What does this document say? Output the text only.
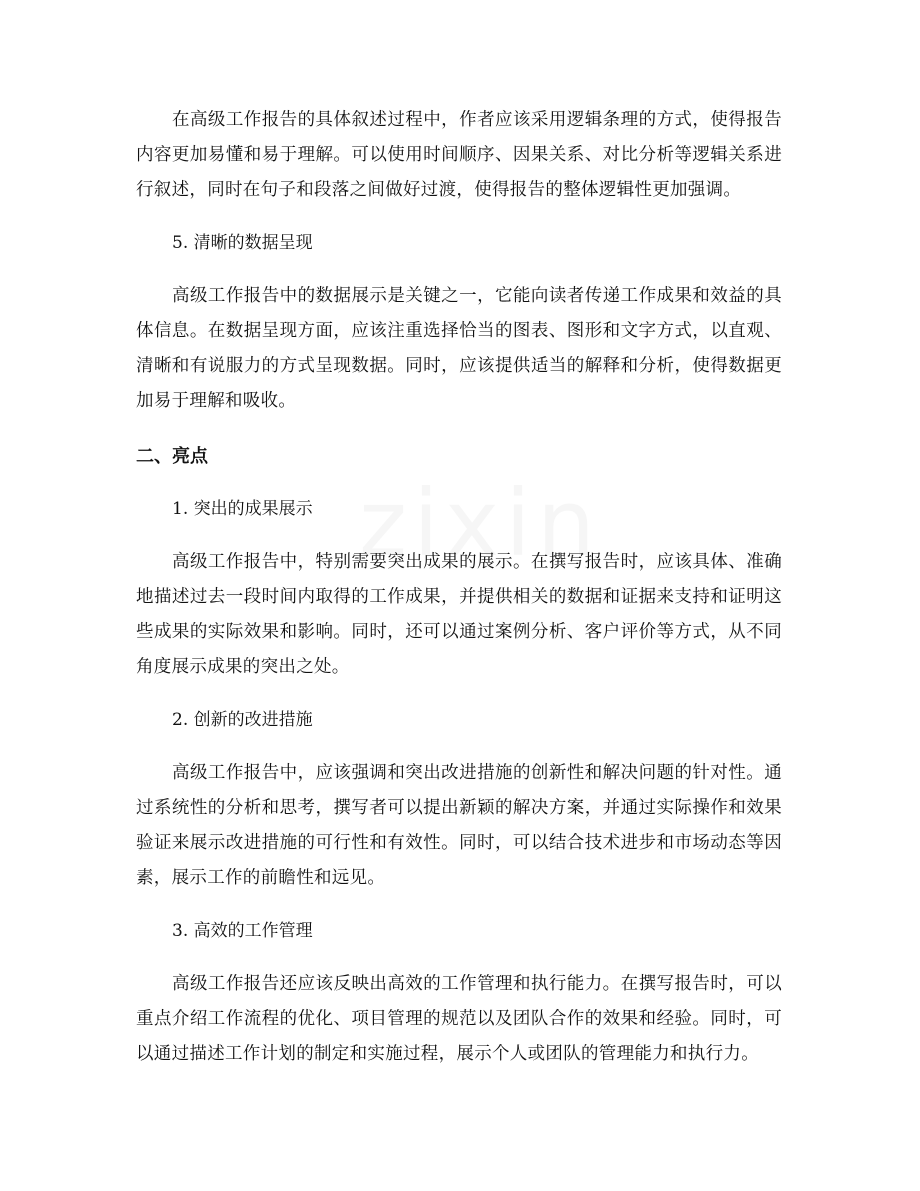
在高级工作报告的具体叙述过程中，作者应该采用逻辑条理的方式，使得报告内容更加易懂和易于理解。可以使用时间顺序、因果关系、对比分析等逻辑关系进行叙述，同时在句子和段落之间做好过渡，使得报告的整体逻辑性更加强调。

5. 清晰的数据呈现

高级工作报告中的数据展示是关键之一，它能向读者传递工作成果和效益的具体信息。在数据呈现方面，应该注重选择恰当的图表、图形和文字方式，以直观、清晰和有说服力的方式呈现数据。同时，应该提供适当的解释和分析，使得数据更加易于理解和吸收。

二、亮点

1. 突出的成果展示

高级工作报告中，特别需要突出成果的展示。在撰写报告时，应该具体、准确地描述过去一段时间内取得的工作成果，并提供相关的数据和证据来支持和证明这些成果的实际效果和影响。同时，还可以通过案例分析、客户评价等方式，从不同角度展示成果的突出之处。

2. 创新的改进措施

高级工作报告中，应该强调和突出改进措施的创新性和解决问题的针对性。通过系统性的分析和思考，撰写者可以提出新颖的解决方案，并通过实际操作和效果验证来展示改进措施的可行性和有效性。同时，可以结合技术进步和市场动态等因素，展示工作的前瞻性和远见。

3. 高效的工作管理

高级工作报告还应该反映出高效的工作管理和执行能力。在撰写报告时，可以重点介绍工作流程的优化、项目管理的规范以及团队合作的效果和经验。同时，可以通过描述工作计划的制定和实施过程，展示个人或团队的管理能力和执行力。
